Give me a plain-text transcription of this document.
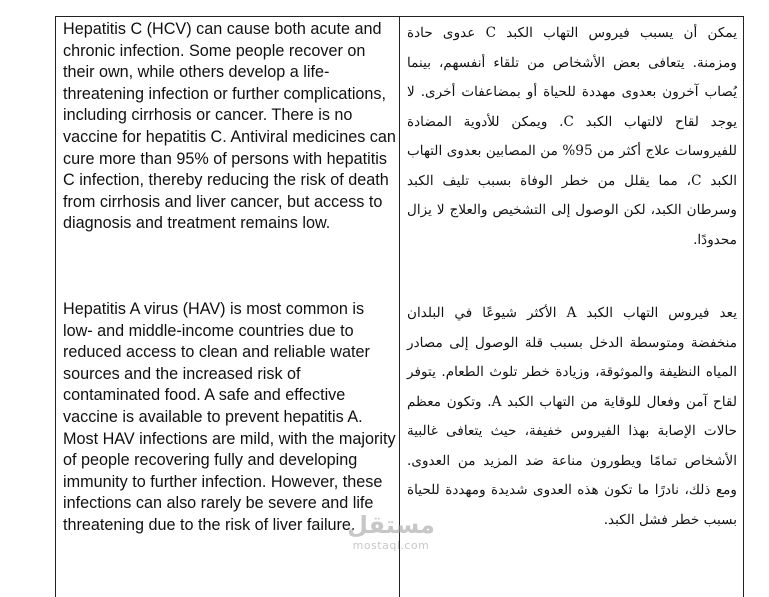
Hepatitis C (HCV) can cause both acute and chronic infection. Some people recover on their own, while others develop a life-threatening infection or further complications, including cirrhosis or cancer. There is no vaccine for hepatitis C. Antiviral medicines can cure more than 95% of persons with hepatitis C infection, thereby reducing the risk of death from cirrhosis and liver cancer, but access to diagnosis and treatment remains low.
يمكن أن يسبب فيروس التهاب الكبد C عدوى حادة ومزمنة. يتعافى بعض الأشخاص من تلقاء أنفسهم، بينما يُصاب آخرون بعدوى مهددة للحياة أو بمضاعفات أخرى. لا يوجد لقاح لالتهاب الكبد C. ويمكن للأدوية المضادة للفيروسات علاج أكثر من 95% من المصابين بعدوى التهاب الكبد C، مما يقلل من خطر الوفاة بسبب تليف الكبد وسرطان الكبد، لكن الوصول إلى التشخيص والعلاج لا يزال محدودًا.
Hepatitis A virus (HAV) is most common is low- and middle-income countries due to reduced access to clean and reliable water sources and the increased risk of contaminated food. A safe and effective vaccine is available to prevent hepatitis A. Most HAV infections are mild, with the majority of people recovering fully and developing immunity to further infection. However, these infections can also rarely be severe and life threatening due to the risk of liver failure.
يعد فيروس التهاب الكبد A الأكثر شيوعًا في البلدان منخفضة ومتوسطة الدخل بسبب قلة الوصول إلى مصادر المياه النظيفة والموثوقة، وزيادة خطر تلوث الطعام. يتوفر لقاح آمن وفعال للوقاية من التهاب الكبد A. وتكون معظم حالات الإصابة بهذا الفيروس خفيفة، حيث يتعافى غالبية الأشخاص تمامًا ويطورون مناعة ضد المزيد من العدوى. ومع ذلك، نادرًا ما تكون هذه العدوى شديدة ومهددة للحياة بسبب خطر فشل الكبد.
مستقل
mostaql.com
